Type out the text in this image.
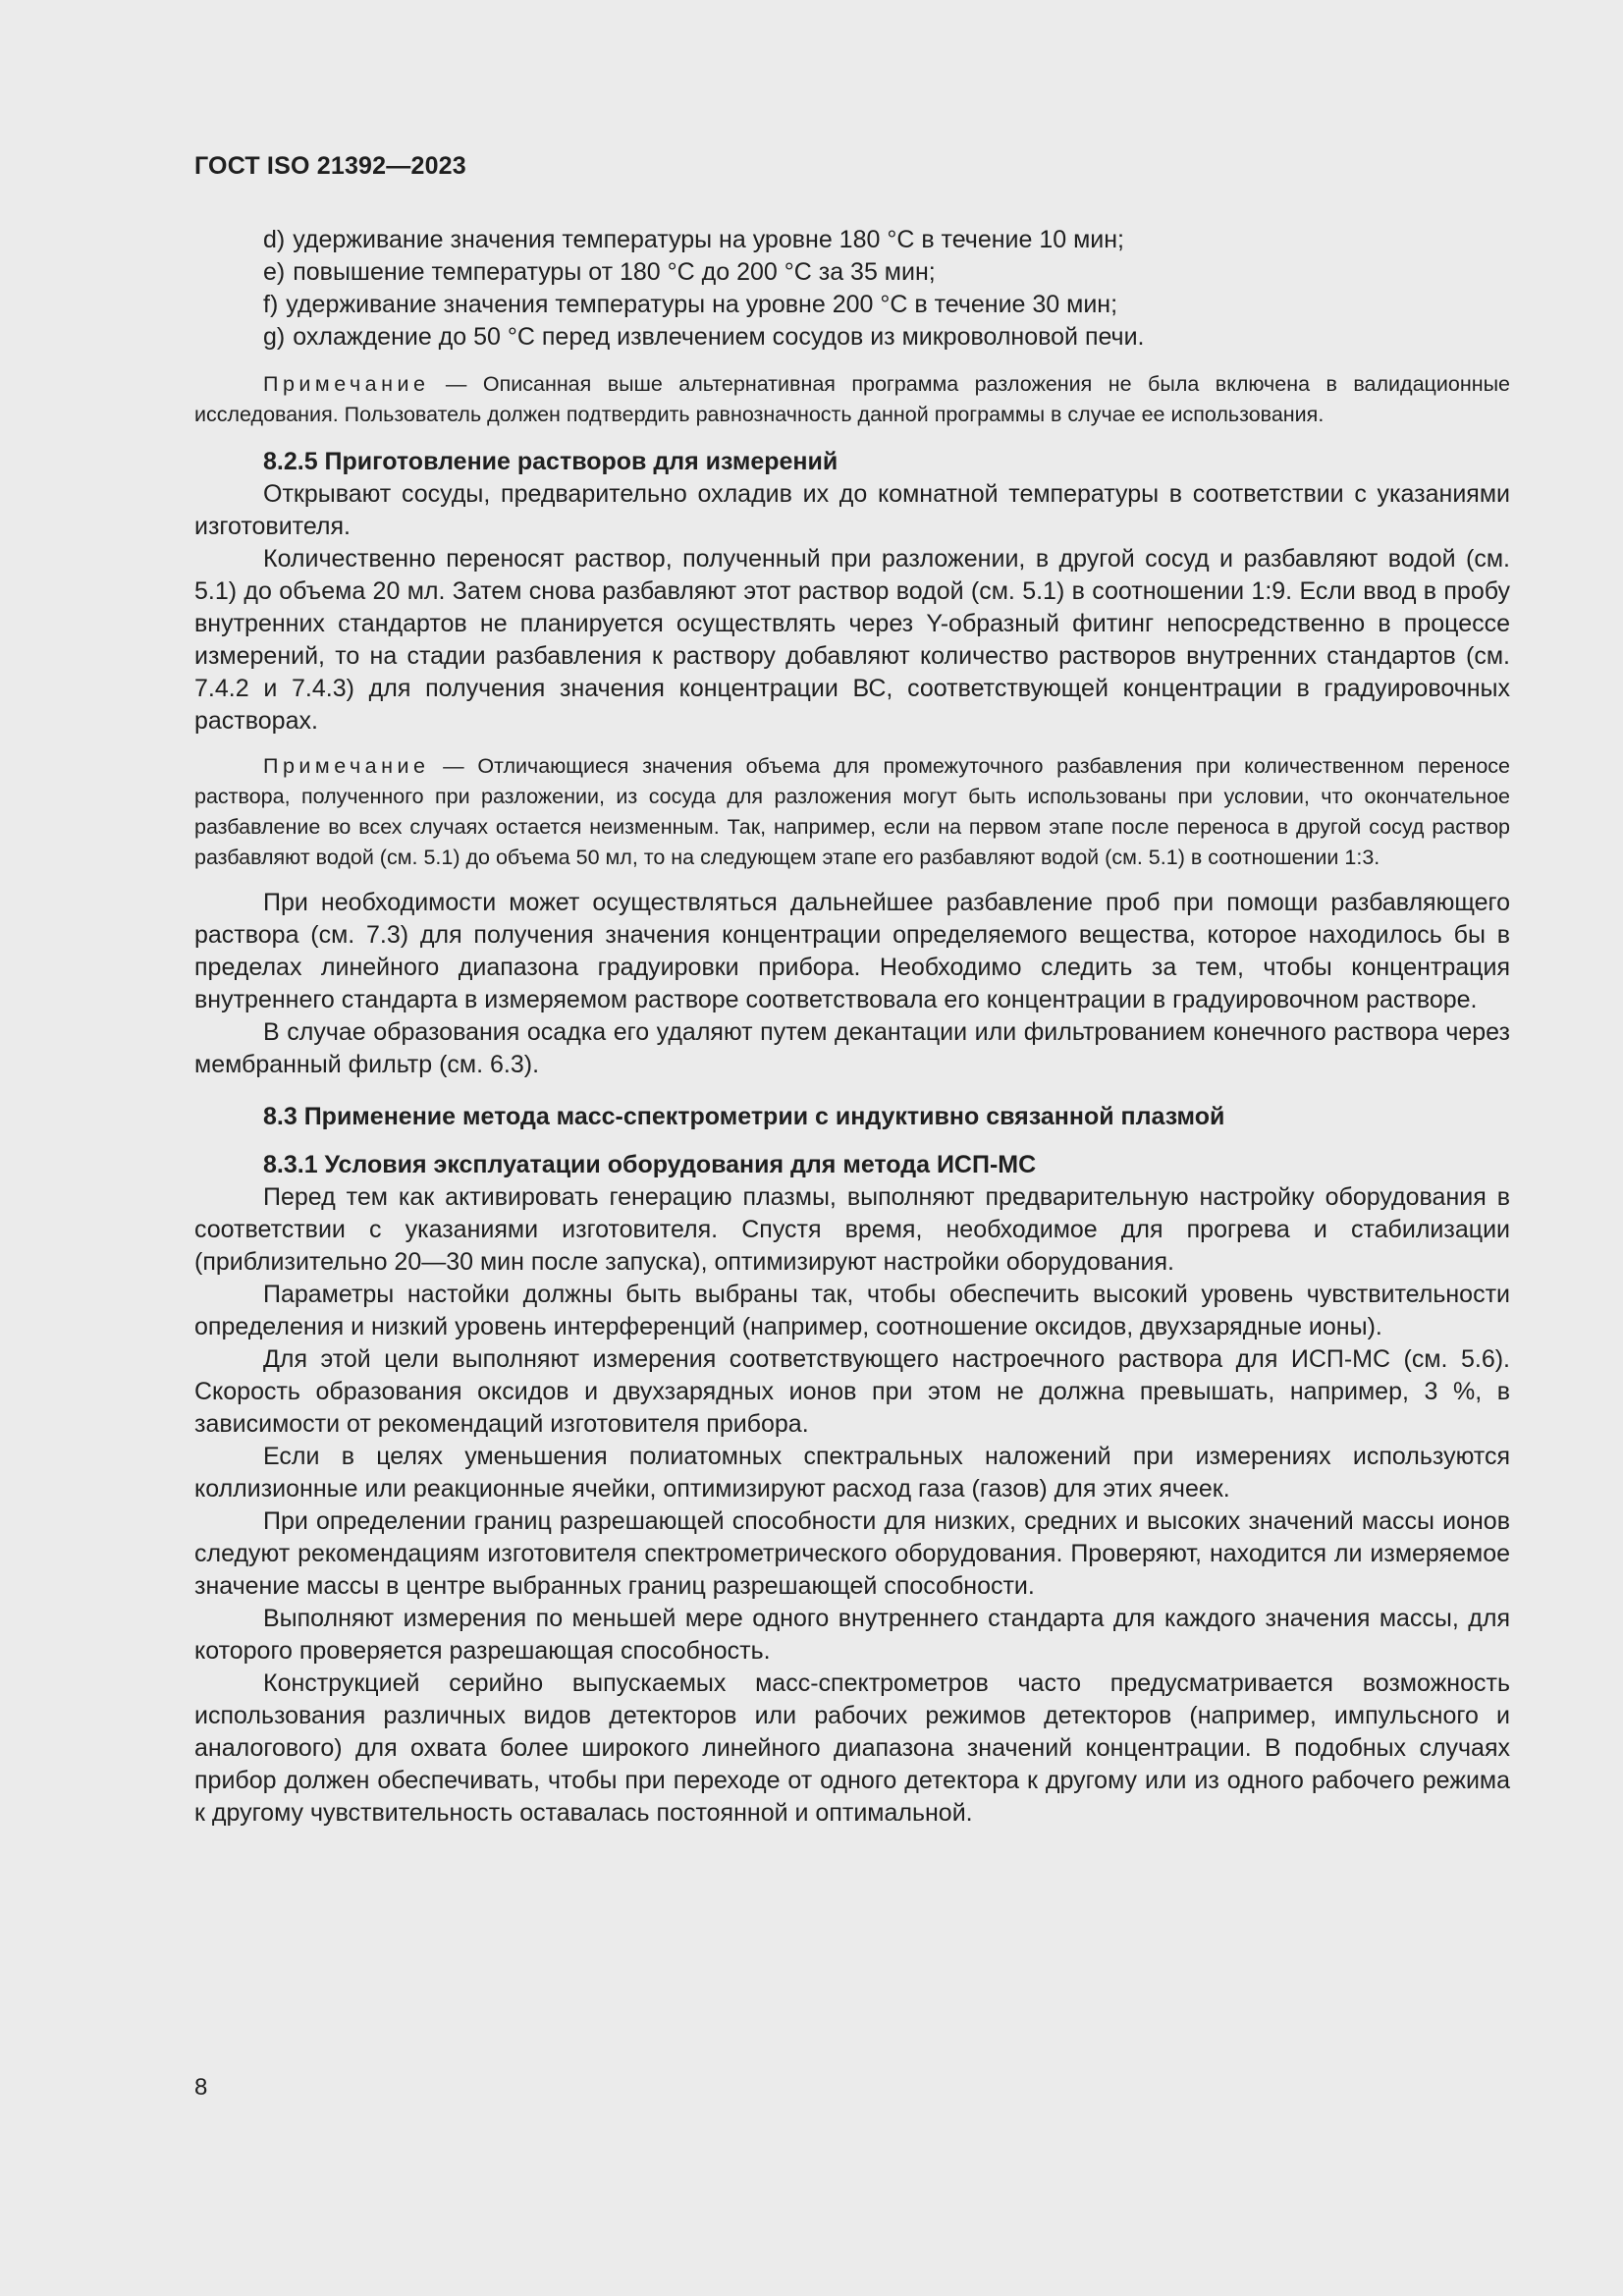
ГОСТ ISO 21392—2023

d) удерживание значения температуры на уровне 180 °С в течение 10 мин;

e) повышение температуры от 180 °С до 200 °С за 35 мин;

f) удерживание значения температуры на уровне 200 °С в течение 30 мин;

g) охлаждение до 50 °С перед извлечением сосудов из микроволновой печи.

Примечание — Описанная выше альтернативная программа разложения не была включена в валидационные исследования. Пользователь должен подтвердить равнозначность данной программы в случае ее использования.

8.2.5 Приготовление растворов для измерений

Открывают сосуды, предварительно охладив их до комнатной температуры в соответствии с указаниями изготовителя.

Количественно переносят раствор, полученный при разложении, в другой сосуд и разбавляют водой (см. 5.1) до объема 20 мл. Затем снова разбавляют этот раствор водой (см. 5.1) в соотношении 1:9. Если ввод в пробу внутренних стандартов не планируется осуществлять через Y-образный фитинг непосредственно в процессе измерений, то на стадии разбавления к раствору добавляют количество растворов внутренних стандартов (см. 7.4.2 и 7.4.3) для получения значения концентрации ВС, соответствующей концентрации в градуировочных растворах.

Примечание — Отличающиеся значения объема для промежуточного разбавления при количественном переносе раствора, полученного при разложении, из сосуда для разложения могут быть использованы при условии, что окончательное разбавление во всех случаях остается неизменным. Так, например, если на первом этапе после переноса в другой сосуд раствор разбавляют водой (см. 5.1) до объема 50 мл, то на следующем этапе его разбавляют водой (см. 5.1) в соотношении 1:3.

При необходимости может осуществляться дальнейшее разбавление проб при помощи разбавляющего раствора (см. 7.3) для получения значения концентрации определяемого вещества, которое находилось бы в пределах линейного диапазона градуировки прибора. Необходимо следить за тем, чтобы концентрация внутреннего стандарта в измеряемом растворе соответствовала его концентрации в градуировочном растворе.

В случае образования осадка его удаляют путем декантации или фильтрованием конечного раствора через мембранный фильтр (см. 6.3).

8.3 Применение метода масс-спектрометрии с индуктивно связанной плазмой

8.3.1 Условия эксплуатации оборудования для метода ИСП-МС

Перед тем как активировать генерацию плазмы, выполняют предварительную настройку оборудования в соответствии с указаниями изготовителя. Спустя время, необходимое для прогрева и стабилизации (приблизительно 20—30 мин после запуска), оптимизируют настройки оборудования.

Параметры настойки должны быть выбраны так, чтобы обеспечить высокий уровень чувствительности определения и низкий уровень интерференций (например, соотношение оксидов, двухзарядные ионы).

Для этой цели выполняют измерения соответствующего настроечного раствора для ИСП-МС (см. 5.6). Скорость образования оксидов и двухзарядных ионов при этом не должна превышать, например, 3 %, в зависимости от рекомендаций изготовителя прибора.

Если в целях уменьшения полиатомных спектральных наложений при измерениях используются коллизионные или реакционные ячейки, оптимизируют расход газа (газов) для этих ячеек.

При определении границ разрешающей способности для низких, средних и высоких значений массы ионов следуют рекомендациям изготовителя спектрометрического оборудования. Проверяют, находится ли измеряемое значение массы в центре выбранных границ разрешающей способности.

Выполняют измерения по меньшей мере одного внутреннего стандарта для каждого значения массы, для которого проверяется разрешающая способность.

Конструкцией серийно выпускаемых масс-спектрометров часто предусматривается возможность использования различных видов детекторов или рабочих режимов детекторов (например, импульсного и аналогового) для охвата более широкого линейного диапазона значений концентрации. В подобных случаях прибор должен обеспечивать, чтобы при переходе от одного детектора к другому или из одного рабочего режима к другому чувствительность оставалась постоянной и оптимальной.

8
